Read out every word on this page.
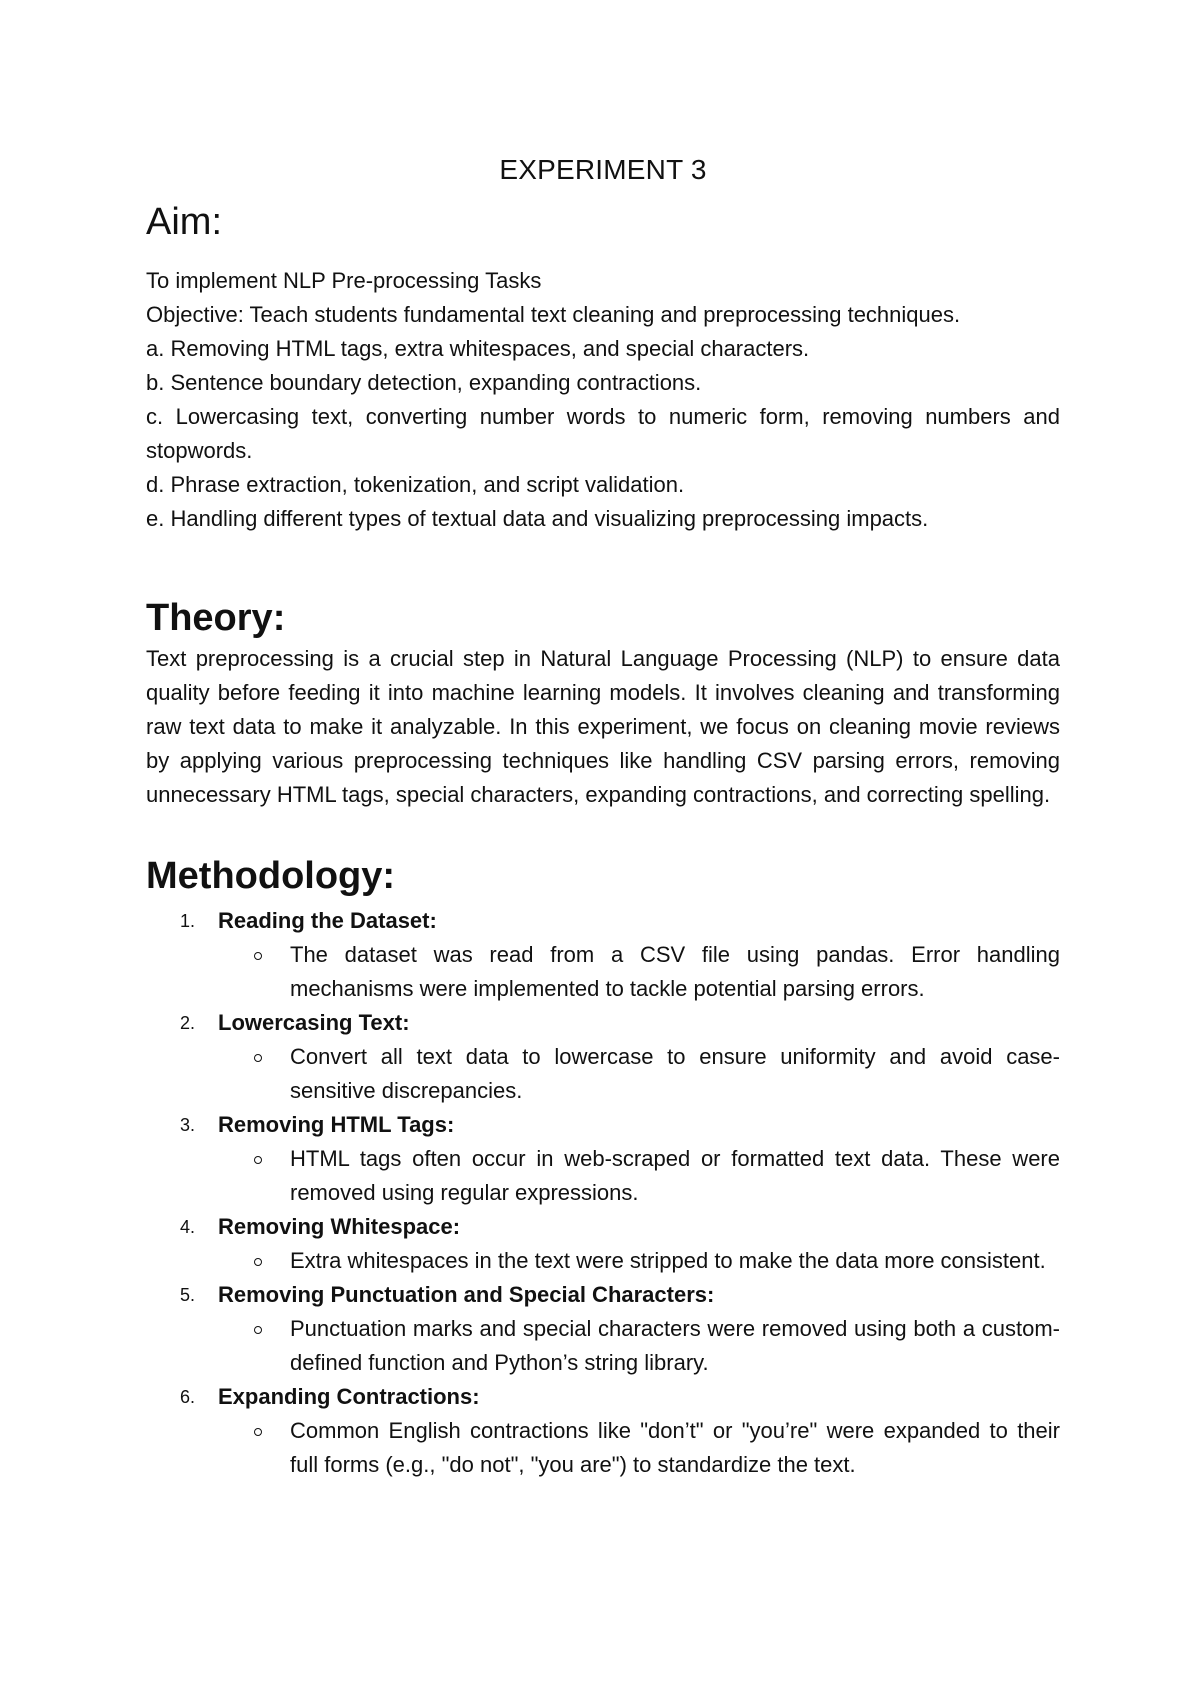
EXPERIMENT 3
Aim:

To implement NLP Pre-processing Tasks

Objective: Teach students fundamental text cleaning and preprocessing techniques.

a. Removing HTML tags, extra whitespaces, and special characters.

b. Sentence boundary detection, expanding contractions.

c. Lowercasing text, converting number words to numeric form, removing numbers and stopwords.

d. Phrase extraction, tokenization, and script validation.

e. Handling different types of textual data and visualizing preprocessing impacts.

Theory:

Text preprocessing is a crucial step in Natural Language Processing (NLP) to ensure data quality before feeding it into machine learning models. It involves cleaning and transforming raw text data to make it analyzable. In this experiment, we focus on cleaning movie reviews by applying various preprocessing techniques like handling CSV parsing errors, removing unnecessary HTML tags, special characters, expanding contractions, and correcting spelling.

Methodology:
1.	Reading the Dataset:
The dataset was read from a CSV file using pandas. Error handling mechanisms were implemented to tackle potential parsing errors.
2.	Lowercasing Text:
Convert all text data to lowercase to ensure uniformity and avoid case-sensitive discrepancies.
3.	Removing HTML Tags:
HTML tags often occur in web-scraped or formatted text data. These were removed using regular expressions.
4.	Removing Whitespace:
Extra whitespaces in the text were stripped to make the data more consistent.
5.	Removing Punctuation and Special Characters:
Punctuation marks and special characters were removed using both a custom-defined function and Python’s string library.
6.	Expanding Contractions:
Common English contractions like "don’t" or "you’re" were expanded to their full forms (e.g., "do not", "you are") to standardize the text.
